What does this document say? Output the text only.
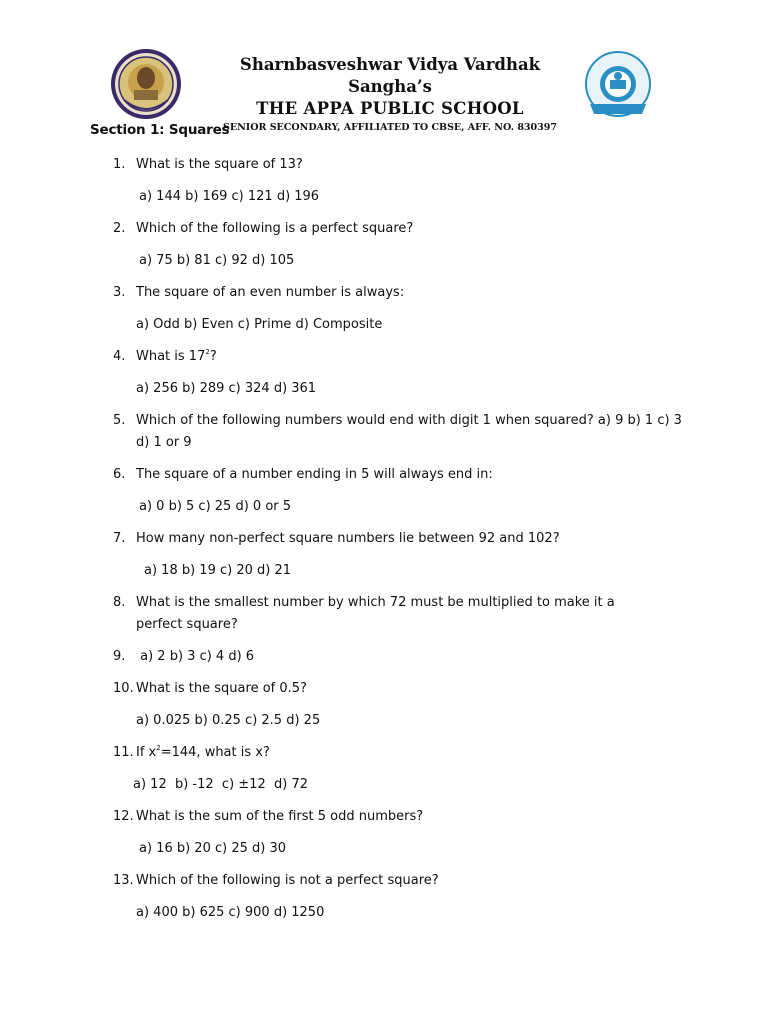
Sharnbasveshwar Vidya Vardhak Sangha’s
THE APPA PUBLIC SCHOOL
SENIOR SECONDARY, AFFILIATED TO CBSE, AFF. NO. 830397
Section 1: Squares
1. What is the square of 13?
a) 144 b) 169 c) 121 d) 196
2. Which of the following is a perfect square?
a) 75 b) 81 c) 92 d) 105
3. The square of an even number is always:
a) Odd b) Even c) Prime d) Composite
4. What is $17^2$?
a) 256 b) 289 c) 324 d) 361
5. Which of the following numbers would end with digit 1 when squared? a) 9 b) 1 c) 3 d) 1 or 9
6. The square of a number ending in 5 will always end in:
a) 0 b) 5 c) 25 d) 0 or 5
7. How many non-perfect square numbers lie between 92 and 102?
a) 18 b) 19 c) 20 d) 21
8. What is the smallest number by which 72 must be multiplied to make it a perfect square?
9. a) 2 b) 3 c) 4 d) 6
10. What is the square of 0.5?
a) 0.025 b) 0.25 c) 2.5 d) 25
11. If $x^2=144$, what is x?
a) 12  b) -12  c) ±12  d) 72
12. What is the sum of the first 5 odd numbers?
a) 16 b) 20 c) 25 d) 30
13. Which of the following is not a perfect square?
a) 400 b) 625 c) 900 d) 1250
